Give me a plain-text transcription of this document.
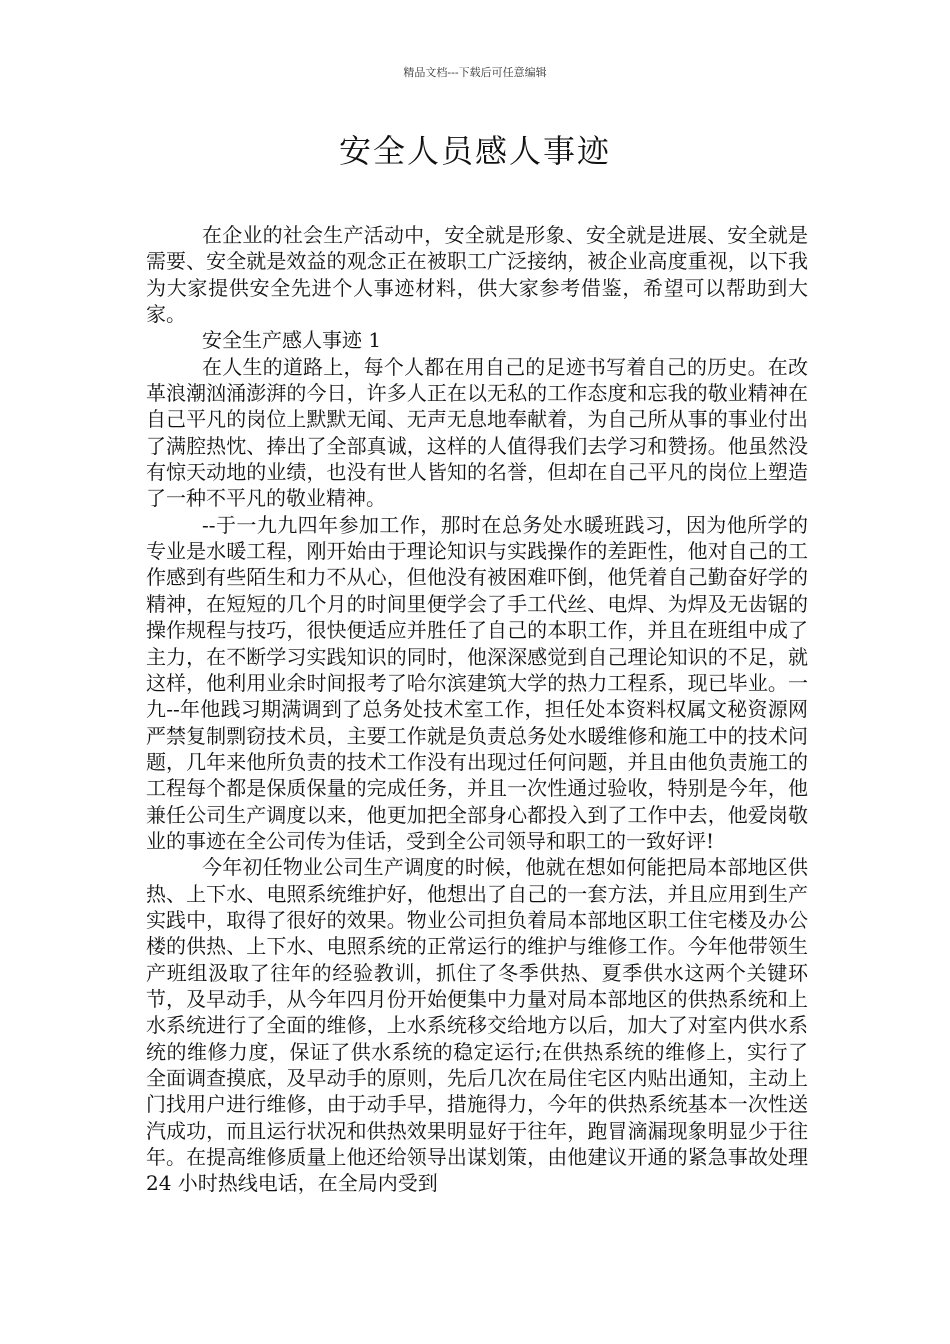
精品文档---下载后可任意编辑
安全人员感人事迹

在企业的社会生产活动中，安全就是形象、安全就是进展、安全就是需要、安全就是效益的观念正在被职工广泛接纳，被企业高度重视，以下我为大家提供安全先进个人事迹材料，供大家参考借鉴，希望可以帮助到大家。

安全生产感人事迹 1

在人生的道路上，每个人都在用自己的足迹书写着自己的历史。在改革浪潮汹涌澎湃的今日，许多人正在以无私的工作态度和忘我的敬业精神在自己平凡的岗位上默默无闻、无声无息地奉献着，为自己所从事的事业付出了满腔热忱、捧出了全部真诚，这样的人值得我们去学习和赞扬。他虽然没有惊天动地的业绩，也没有世人皆知的名誉，但却在自己平凡的岗位上塑造了一种不平凡的敬业精神。

--于一九九四年参加工作，那时在总务处水暖班践习，因为他所学的专业是水暖工程，刚开始由于理论知识与实践操作的差距性，他对自己的工作感到有些陌生和力不从心，但他没有被困难吓倒，他凭着自己勤奋好学的精神，在短短的几个月的时间里便学会了手工代丝、电焊、为焊及无齿锯的操作规程与技巧，很快便适应并胜任了自己的本职工作，并且在班组中成了主力，在不断学习实践知识的同时，他深深感觉到自己理论知识的不足，就这样，他利用业余时间报考了哈尔滨建筑大学的热力工程系，现已毕业。一九--年他践习期满调到了总务处技术室工作，担任处本资料权属文秘资源网严禁复制剽窃技术员，主要工作就是负责总务处水暖维修和施工中的技术问题，几年来他所负责的技术工作没有出现过任何问题，并且由他负责施工的工程每个都是保质保量的完成任务，并且一次性通过验收，特别是今年，他兼任公司生产调度以来，他更加把全部身心都投入到了工作中去，他爱岗敬业的事迹在全公司传为佳话，受到全公司领导和职工的一致好评!

今年初任物业公司生产调度的时候，他就在想如何能把局本部地区供热、上下水、电照系统维护好，他想出了自己的一套方法，并且应用到生产实践中，取得了很好的效果。物业公司担负着局本部地区职工住宅楼及办公楼的供热、上下水、电照系统的正常运行的维护与维修工作。今年他带领生产班组汲取了往年的经验教训，抓住了冬季供热、夏季供水这两个关键环节，及早动手，从今年四月份开始便集中力量对局本部地区的供热系统和上水系统进行了全面的维修，上水系统移交给地方以后，加大了对室内供水系统的维修力度，保证了供水系统的稳定运行;在供热系统的维修上，实行了全面调查摸底，及早动手的原则，先后几次在局住宅区内贴出通知，主动上门找用户进行维修，由于动手早，措施得力，今年的供热系统基本一次性送汽成功，而且运行状况和供热效果明显好于往年，跑冒滴漏现象明显少于往年。在提高维修质量上他还给领导出谋划策，由他建议开通的紧急事故处理 24 小时热线电话，在全局内受到
